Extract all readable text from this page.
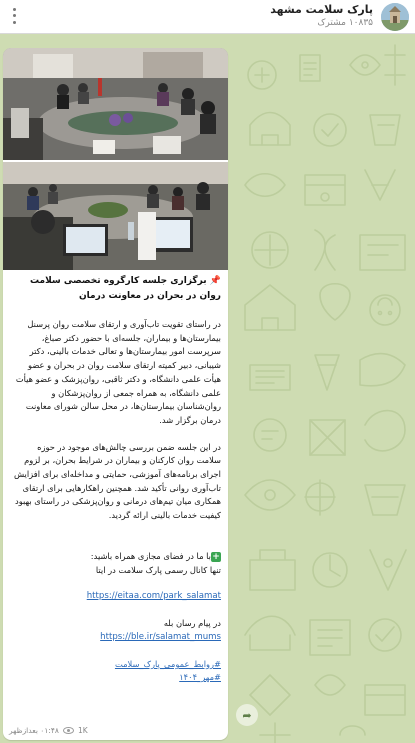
پارک سلامت مشهد
۱۰۸۳۵ مشترک
📌 برگزاری جلسه کارگروه تخصصی سلامت روان در بحران در معاونت درمان
در راستای تقویت تاب‌آوری و ارتقای سلامت روان پرسنل بیمارستان‌ها و بیماران، جلسه‌ای با حضور دکتر صباغ، سرپرست امور بیمارستان‌ها و تعالی خدمات بالینی، دکتر شیبانی، دبیر کمیته ارتقای سلامت روان در بحران و عضو هیأت علمی دانشگاه، و دکتر ثاقبی، روان‌پزشک و عضو هیأت علمی دانشگاه، به همراه جمعی از روان‌پزشکان و روان‌شناسان بیمارستان‌ها، در محل سالن شورای معاونت درمان برگزار شد.
در این جلسه ضمن بررسی چالش‌های موجود در حوزه سلامت روان کارکنان و بیماران در شرایط بحران، بر لزوم اجرای برنامه‌های آموزشی، حمایتی و مداخله‌ای برای افزایش تاب‌آوری روانی تأکید شد. همچنین راهکارهایی برای ارتقای همکاری میان تیم‌های درمانی و روان‌پزشکی در راستای بهبود کیفیت خدمات بالینی ارائه گردید.
+با ما در فضای مجازی همراه باشید:
تنها کانال رسمی پارک سلامت در ایتا
https://eitaa.com/park_salamat
در پیام رسان بله
https://ble.ir/salamat_mums
#روابط_عمومی_پارک_سلامت
#مهر_۱۴۰۴
1K
۰۱:۴۸ بعدازظهر
➦
